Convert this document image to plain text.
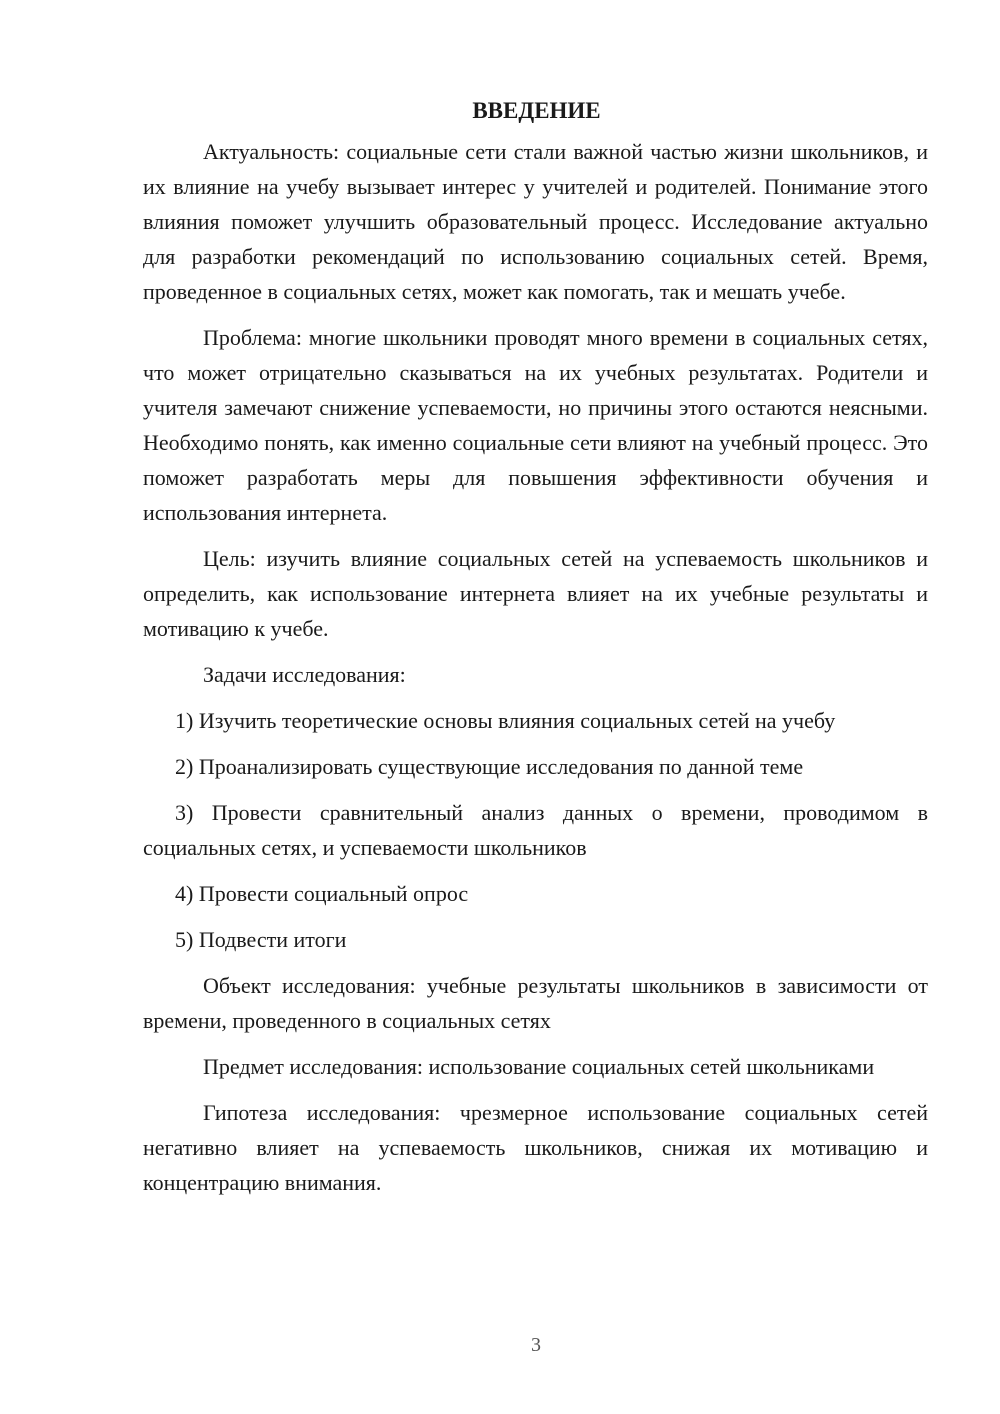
ВВЕДЕНИЕ

Актуальность: социальные сети стали важной частью жизни школьников, и их влияние на учебу вызывает интерес у учителей и родителей. Понимание этого влияния поможет улучшить образовательный процесс. Исследование актуально для разработки рекомендаций по использованию социальных сетей. Время, проведенное в социальных сетях, может как помогать, так и мешать учебе.

Проблема: многие школьники проводят много времени в социальных сетях, что может отрицательно сказываться на их учебных результатах. Родители и учителя замечают снижение успеваемости, но причины этого остаются неясными. Необходимо понять, как именно социальные сети влияют на учебный процесс. Это поможет разработать меры для повышения эффективности обучения и использования интернета.

Цель: изучить влияние социальных сетей на успеваемость школьников и определить, как использование интернета влияет на их учебные результаты и мотивацию к учебе.

Задачи исследования:

1) Изучить теоретические основы влияния социальных сетей на учебу

2) Проанализировать существующие исследования по данной теме

3) Провести сравнительный анализ данных о времени, проводимом в социальных сетях, и успеваемости школьников

4) Провести социальный опрос

5) Подвести итоги

Объект исследования: учебные результаты школьников в зависимости от времени, проведенного в социальных сетях

Предмет исследования: использование социальных сетей школьниками

Гипотеза исследования: чрезмерное использование социальных сетей негативно влияет на успеваемость школьников, снижая их мотивацию и концентрацию внимания.

3
